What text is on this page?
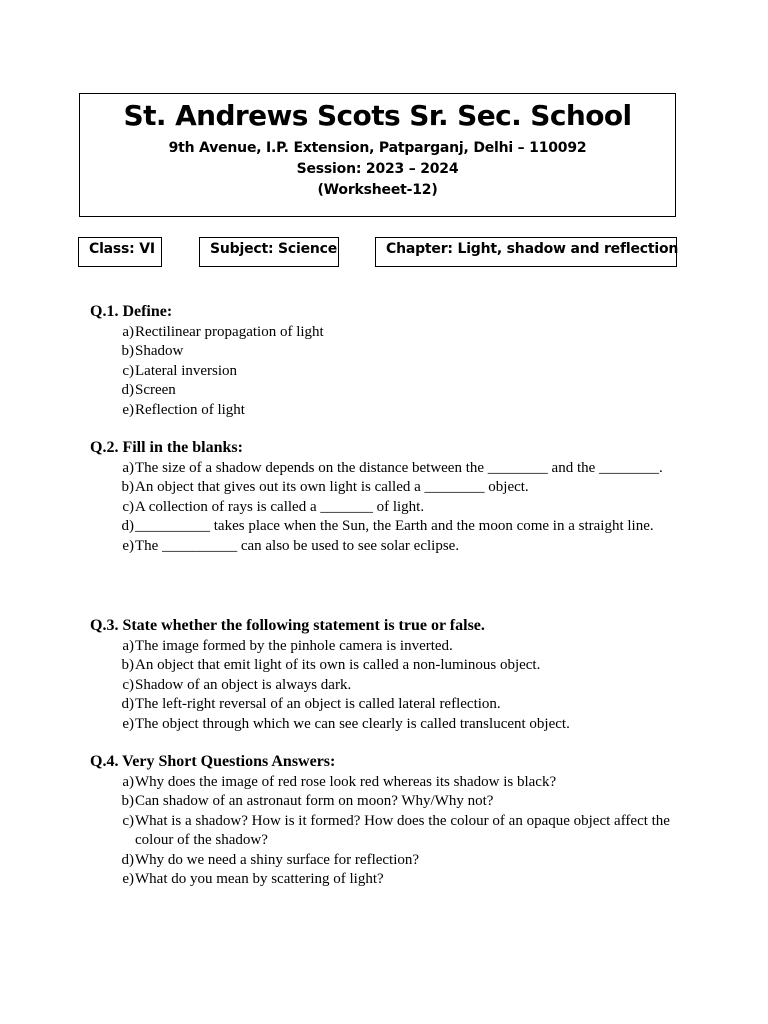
St. Andrews Scots Sr. Sec. School
9th Avenue, I.P. Extension, Patparganj, Delhi – 110092
Session: 2023 – 2024
(Worksheet-12)
Class: VI	Subject: Science	Chapter: Light, shadow and reflection
Q.1. Define:
a) Rectilinear propagation of light
b) Shadow
c) Lateral inversion
d) Screen
e) Reflection of light
Q.2. Fill in the blanks:
a) The size of a shadow depends on the distance between the ________ and the ________.
b) An object that gives out its own light is called a ________ object.
c) A collection of rays is called a _______ of light.
d) __________ takes place when the Sun, the Earth and the moon come in a straight line.
e) The __________ can also be used to see solar eclipse.
Q.3. State whether the following statement is true or false.
a) The image formed by the pinhole camera is inverted.
b) An object that emit light of its own is called a non-luminous object.
c) Shadow of an object is always dark.
d) The left-right reversal of an object is called lateral reflection.
e) The object through which we can see clearly is called translucent object.
Q.4. Very Short Questions Answers:
a) Why does the image of red rose look red whereas its shadow is black?
b) Can shadow of an astronaut form on moon? Why/Why not?
c) What is a shadow? How is it formed? How does the colour of an opaque object affect the colour of the shadow?
d) Why do we need a shiny surface for reflection?
e) What do you mean by scattering of light?
